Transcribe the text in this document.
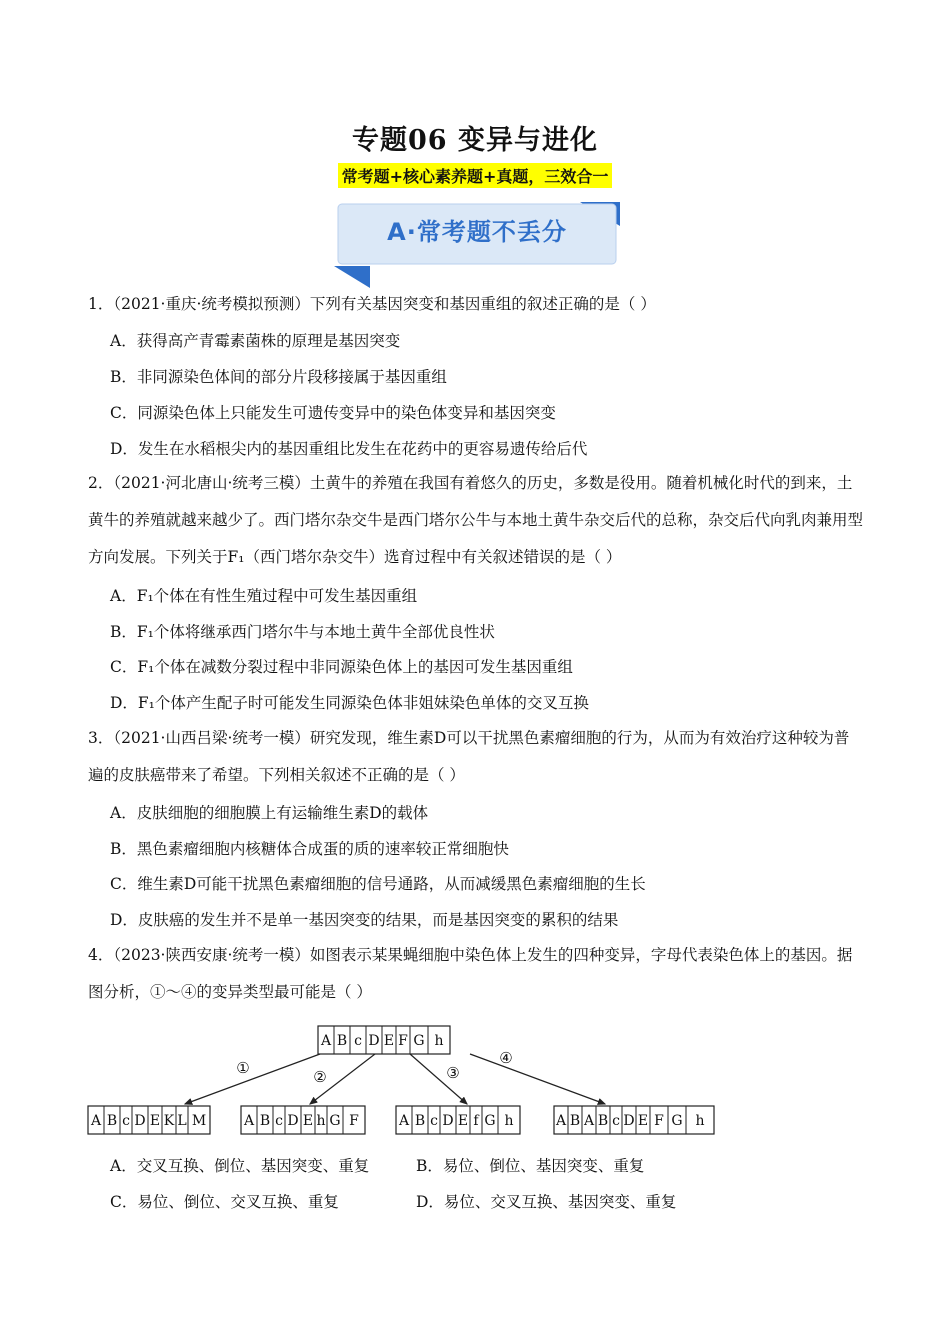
专题06 变异与进化
常考题+核心素养题+真题，三效合一
A·常考题不丢分
1．（2021·重庆·统考模拟预测）下列有关基因突变和基因重组的叙述正确的是（ ）
A．获得高产青霉素菌株的原理是基因突变
B．非同源染色体间的部分片段移接属于基因重组
C．同源染色体上只能发生可遗传变异中的染色体变异和基因突变
D．发生在水稻根尖内的基因重组比发生在花药中的更容易遗传给后代
2．（2021·河北唐山·统考三模）土黄牛的养殖在我国有着悠久的历史，多数是役用。随着机械化时代的到来，土黄牛的养殖就越来越少了。西门塔尔杂交牛是西门塔尔公牛与本地土黄牛杂交后代的总称，杂交后代向乳肉兼用型方向发展。下列关于F₁（西门塔尔杂交牛）选育过程中有关叙述错误的是（ ）
A．F₁个体在有性生殖过程中可发生基因重组
B．F₁个体将继承西门塔尔牛与本地土黄牛全部优良性状
C．F₁个体在减数分裂过程中非同源染色体上的基因可发生基因重组
D．F₁个体产生配子时可能发生同源染色体非姐妹染色单体的交叉互换
3．（2021·山西吕梁·统考一模）研究发现，维生素D可以干扰黑色素瘤细胞的行为，从而为有效治疗这种较为普遍的皮肤癌带来了希望。下列相关叙述不正确的是（ ）
A．皮肤细胞的细胞膜上有运输维生素D的载体
B．黑色素瘤细胞内核糖体合成蛋的质的速率较正常细胞快
C．维生素D可能干扰黑色素瘤细胞的信号通路，从而减缓黑色素瘤细胞的生长
D．皮肤癌的发生并不是单一基因突变的结果，而是基因突变的累积的结果
4．（2023·陕西安康·统考一模）如图表示某果蝇细胞中染色体上发生的四种变异，字母代表染色体上的基因。据图分析，①～④的变异类型最可能是（ ）
A B c D E F G h
①	②	③
④
A B c D E K L M	A B c D E h G F	A B c D E f G h	A B A B c D E F G h
A．交叉互换、倒位、基因突变、重复	B．易位、倒位、基因突变、重复
C．易位、倒位、交叉互换、重复	D．易位、交叉互换、基因突变、重复
